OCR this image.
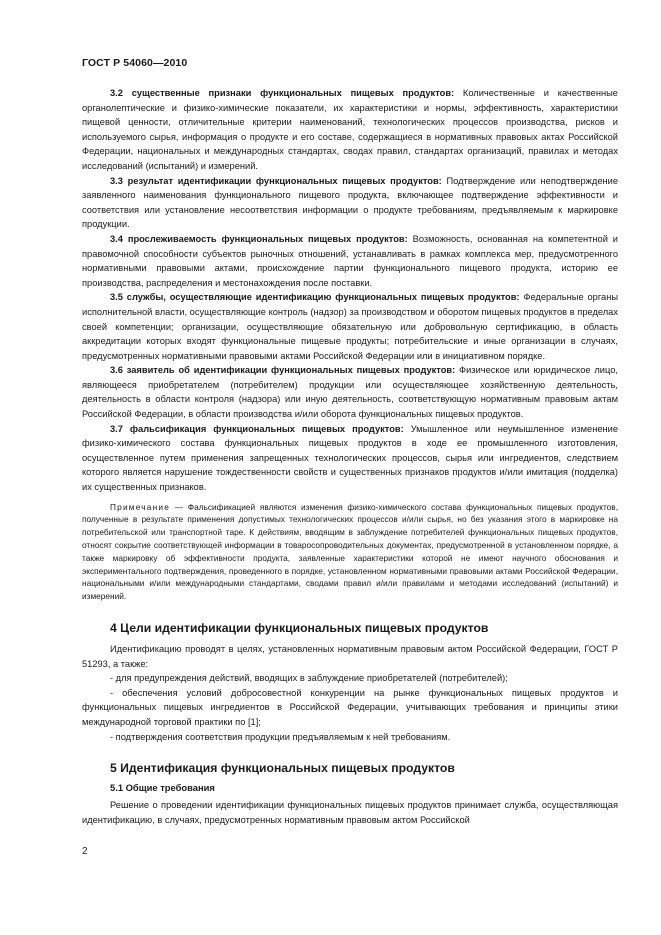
ГОСТ Р 54060—2010

3.2 существенные признаки функциональных пищевых продуктов: Количественные и качественные органолептические и физико-химические показатели, их характеристики и нормы, эффективность, характеристики пищевой ценности, отличительные критерии наименований, технологических процессов производства, рисков и используемого сырья, информация о продукте и его составе, содержащиеся в нормативных правовых актах Российской Федерации, национальных и международных стандартах, сводах правил, стандартах организаций, правилах и методах исследований (испытаний) и измерений.

3.3 результат идентификации функциональных пищевых продуктов: Подтверждение или неподтверждение заявленного наименования функционального пищевого продукта, включающее подтверждение эффективности и соответствия или установление несоответствия информации о продукте требованиям, предъявляемым к маркировке продукции.

3.4 прослеживаемость функциональных пищевых продуктов: Возможность, основанная на компетентной и правомочной способности субъектов рыночных отношений, устанавливать в рамках комплекса мер, предусмотренного нормативными правовыми актами, происхождение партии функционального пищевого продукта, историю ее производства, распределения и местонахождения после поставки.

3.5 службы, осуществляющие идентификацию функциональных пищевых продуктов: Федеральные органы исполнительной власти, осуществляющие контроль (надзор) за производством и оборотом пищевых продуктов в пределах своей компетенции; организации, осуществляющие обязательную или добровольную сертификацию, в область аккредитации которых входят функциональные пищевые продукты; потребительские и иные организации в случаях, предусмотренных нормативными правовыми актами Российской Федерации или в инициативном порядке.

3.6 заявитель об идентификации функциональных пищевых продуктов: Физическое или юридическое лицо, являющееся приобретателем (потребителем) продукции или осуществляющее хозяйственную деятельность, деятельность в области контроля (надзора) или иную деятельность, соответствующую нормативным правовым актам Российской Федерации, в области производства и/или оборота функциональных пищевых продуктов.

3.7 фальсификация функциональных пищевых продуктов: Умышленное или неумышленное изменение физико-химического состава функциональных пищевых продуктов в ходе ее промышленного изготовления, осуществленное путем применения запрещенных технологических процессов, сырья или ингредиентов, следствием которого является нарушение тождественности свойств и существенных признаков продуктов и/или имитация (подделка) их существенных признаков.

Примечание — Фальсификацией являются изменения физико-химического состава функциональных пищевых продуктов, полученные в результате применения допустимых технологических процессов и/или сырья, но без указания этого в маркировке на потребительской или транспортной таре. К действиям, вводящим в заблуждение потребителей функциональных пищевых продуктов, относят сокрытие соответствующей информации в товаросопроводительных документах, предусмотренной в установленном порядке, а также маркировку об эффективности продукта, заявленные характеристики которой не имеют научного обоснования и экспериментального подтверждения, проведенного в порядке, установленном нормативными правовыми актами Российской Федерации, национальными и/или международными стандартами, сводами правил и/или правилами и методами исследований (испытаний) и измерений.

4 Цели идентификации функциональных пищевых продуктов

Идентификацию проводят в целях, установленных нормативным правовым актом Российской Федерации, ГОСТ Р 51293, а также:

- для предупреждения действий, вводящих в заблуждение приобретателей (потребителей);

- обеспечения условий добросовестной конкуренции на рынке функциональных пищевых продуктов и функциональных пищевых ингредиентов в Российской Федерации, учитывающих требования и принципы этики международной торговой практики по [1];

- подтверждения соответствия продукции предъявляемым к ней требованиям.

5 Идентификация функциональных пищевых продуктов
5.1 Общие требования

Решение о проведении идентификации функциональных пищевых продуктов принимает служба, осуществляющая идентификацию, в случаях, предусмотренных нормативным правовым актом Российской

2
